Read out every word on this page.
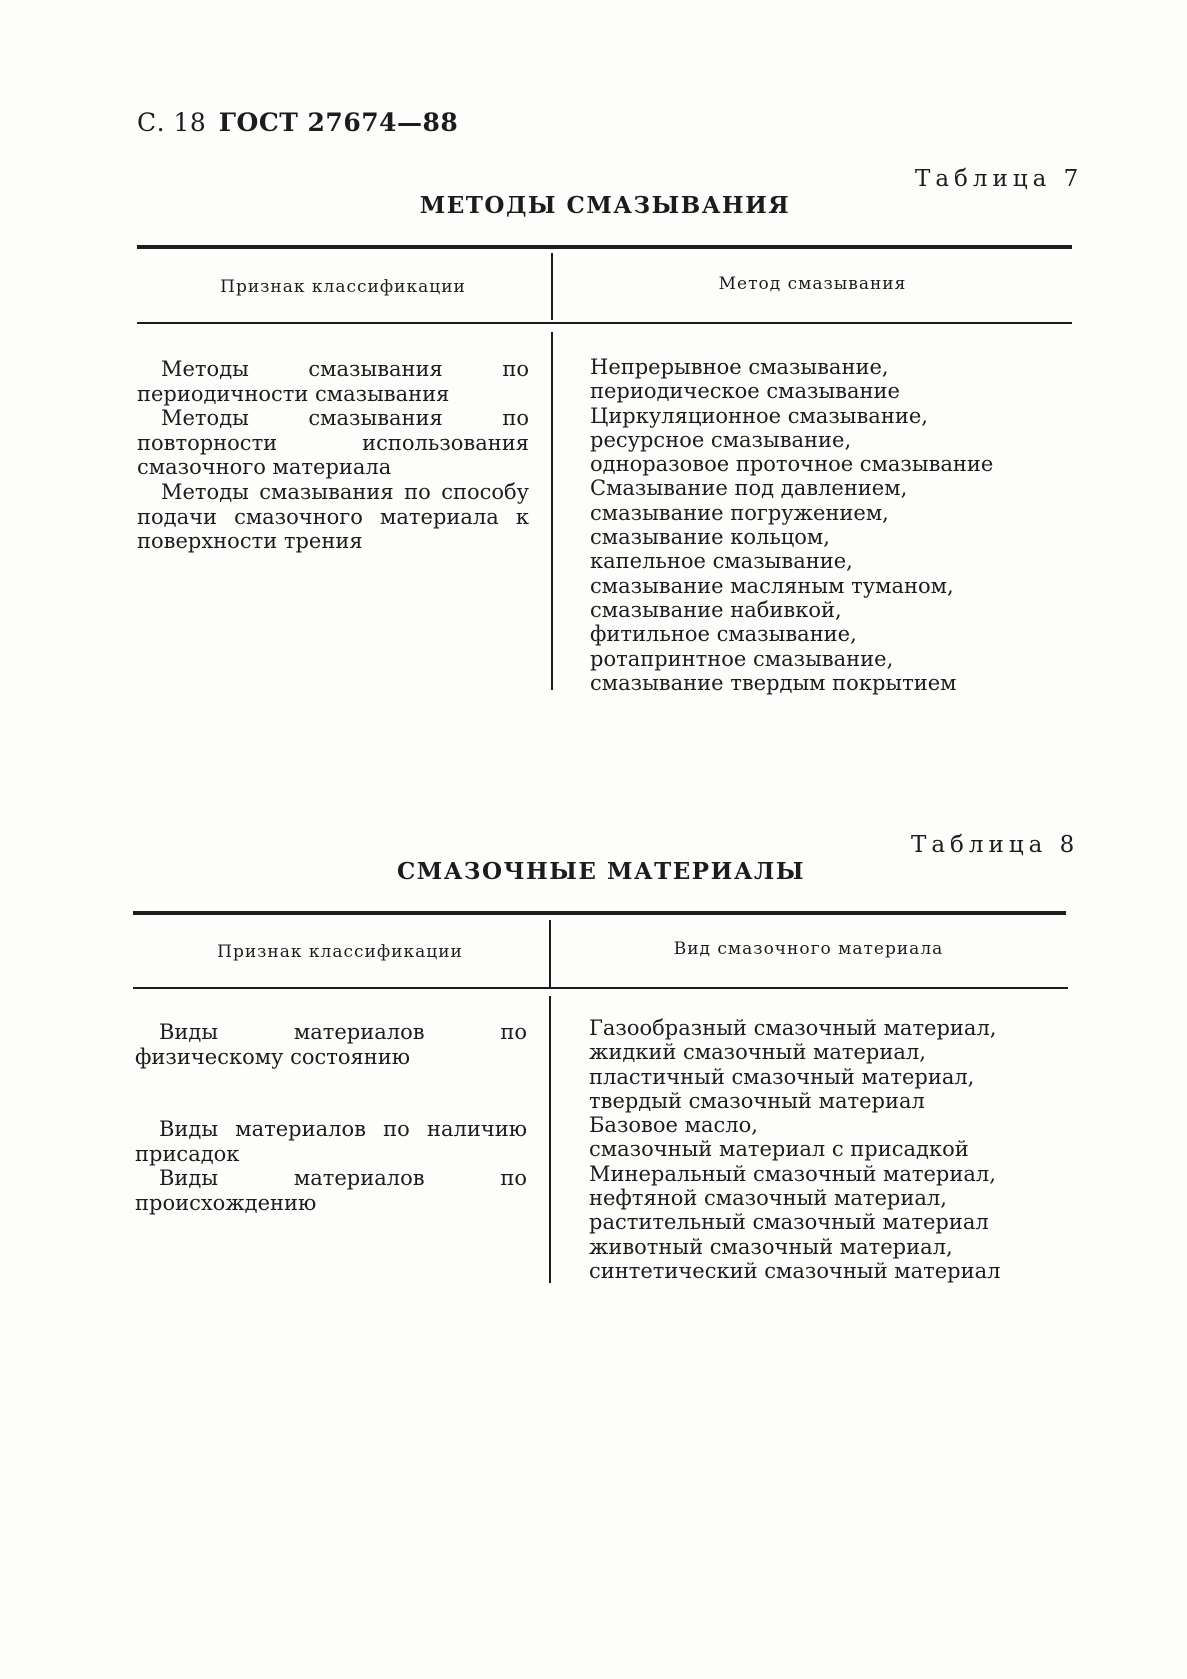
С. 18 ГОСТ 27674—88
Таблица 7
МЕТОДЫ СМАЗЫВАНИЯ
Признак классификации	Метод смазывания

Методы смазывания по периодичности смазывания

Методы смазывания по повторности использования смазочного материала

Методы смазывания по способу подачи смазочного материала к поверхности трения

Непрерывное смазывание,
периодическое смазывание
Циркуляционное смазывание,
ресурсное смазывание,
одноразовое проточное смазывание
Смазывание под давлением,
смазывание погружением,
смазывание кольцом,
капельное смазывание,
смазывание масляным туманом,
смазывание набивкой,
фитильное смазывание,
ротапринтное смазывание,
смазывание твердым покрытием
Таблица 8
СМАЗОЧНЫЕ МАТЕРИАЛЫ
Признак классификации	Вид смазочного материала

Виды материалов по физическому состоянию

Виды материалов по наличию присадок

Виды материалов по происхождению

Газообразный смазочный материал,
жидкий смазочный материал,
пластичный смазочный материал,
твердый смазочный материал
Базовое масло,
смазочный материал с присадкой
Минеральный смазочный материал,
нефтяной смазочный материал,
растительный смазочный материал
животный смазочный материал,
синтетический смазочный материал
